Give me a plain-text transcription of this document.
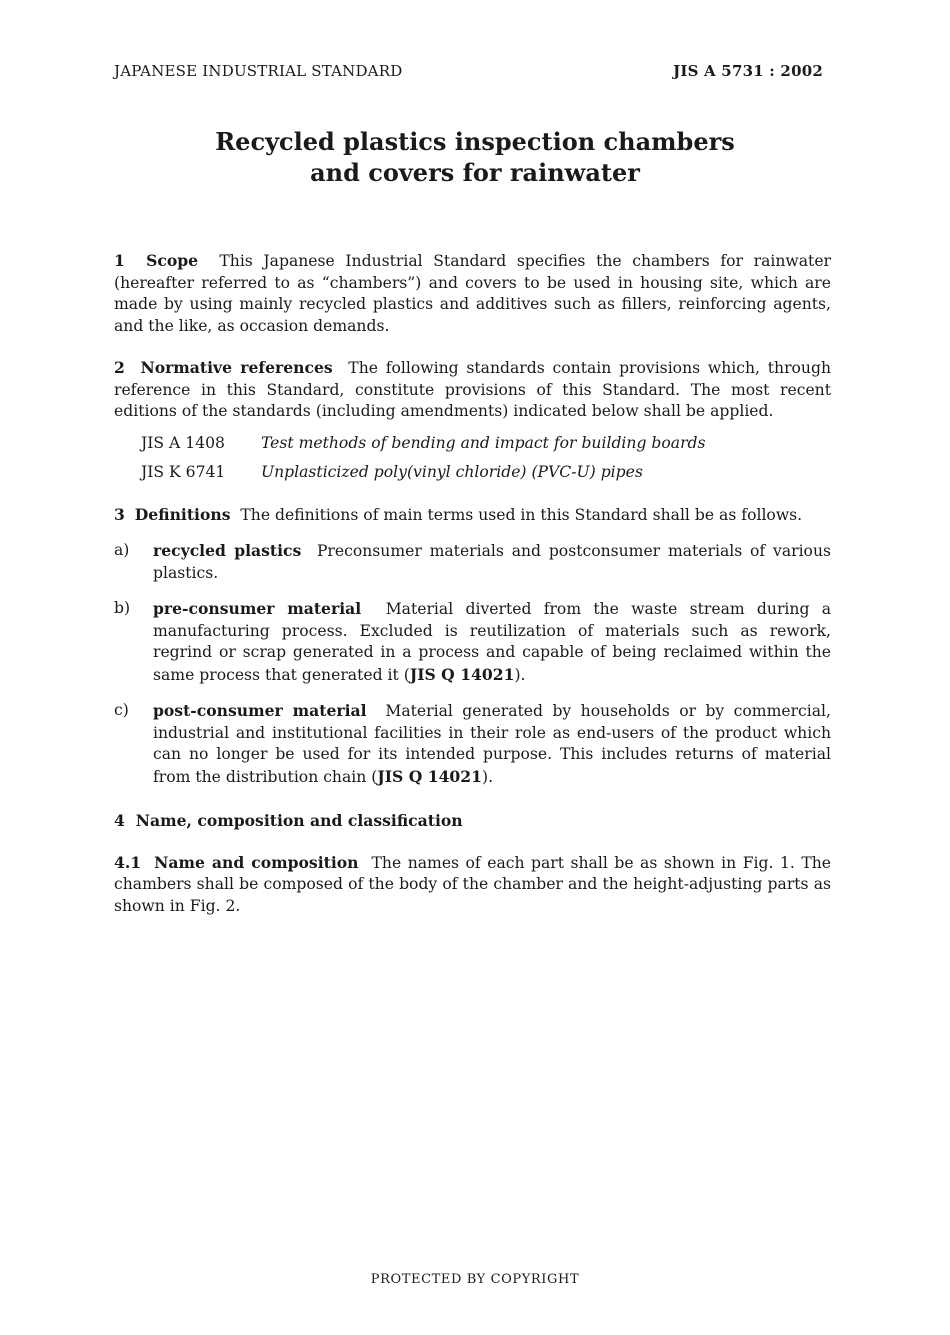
JAPANESE INDUSTRIAL STANDARD	JIS A 5731 : 2002
Recycled plastics inspection chambers
and covers for rainwater

1 Scope This Japanese Industrial Standard specifies the chambers for rainwater (hereafter referred to as “chambers”) and covers to be used in housing site, which are made by using mainly recycled plastics and additives such as fillers, reinforcing agents, and the like, as occasion demands.

2 Normative references The following standards contain provisions which, through reference in this Standard, constitute provisions of this Standard. The most recent editions of the standards (including amendments) indicated below shall be applied.

JIS A 1408 Test methods of bending and impact for building boards
JIS K 6741 Unplasticized poly(vinyl chloride) (PVC-U) pipes

3 Definitions The definitions of main terms used in this Standard shall be as follows.

a) recycled plastics Preconsumer materials and postconsumer materials of various plastics.
b) pre-consumer material Material diverted from the waste stream during a manufacturing process. Excluded is reutilization of materials such as rework, regrind or scrap generated in a process and capable of being reclaimed within the same process that generated it (JIS Q 14021).
c) post-consumer material Material generated by households or by commercial, industrial and institutional facilities in their role as end-users of the product which can no longer be used for its intended purpose. This includes returns of material from the distribution chain (JIS Q 14021).
4 Name, composition and classification

4.1 Name and composition The names of each part shall be as shown in Fig. 1. The chambers shall be composed of the body of the chamber and the height-adjusting parts as shown in Fig. 2.

PROTECTED BY COPYRIGHT
